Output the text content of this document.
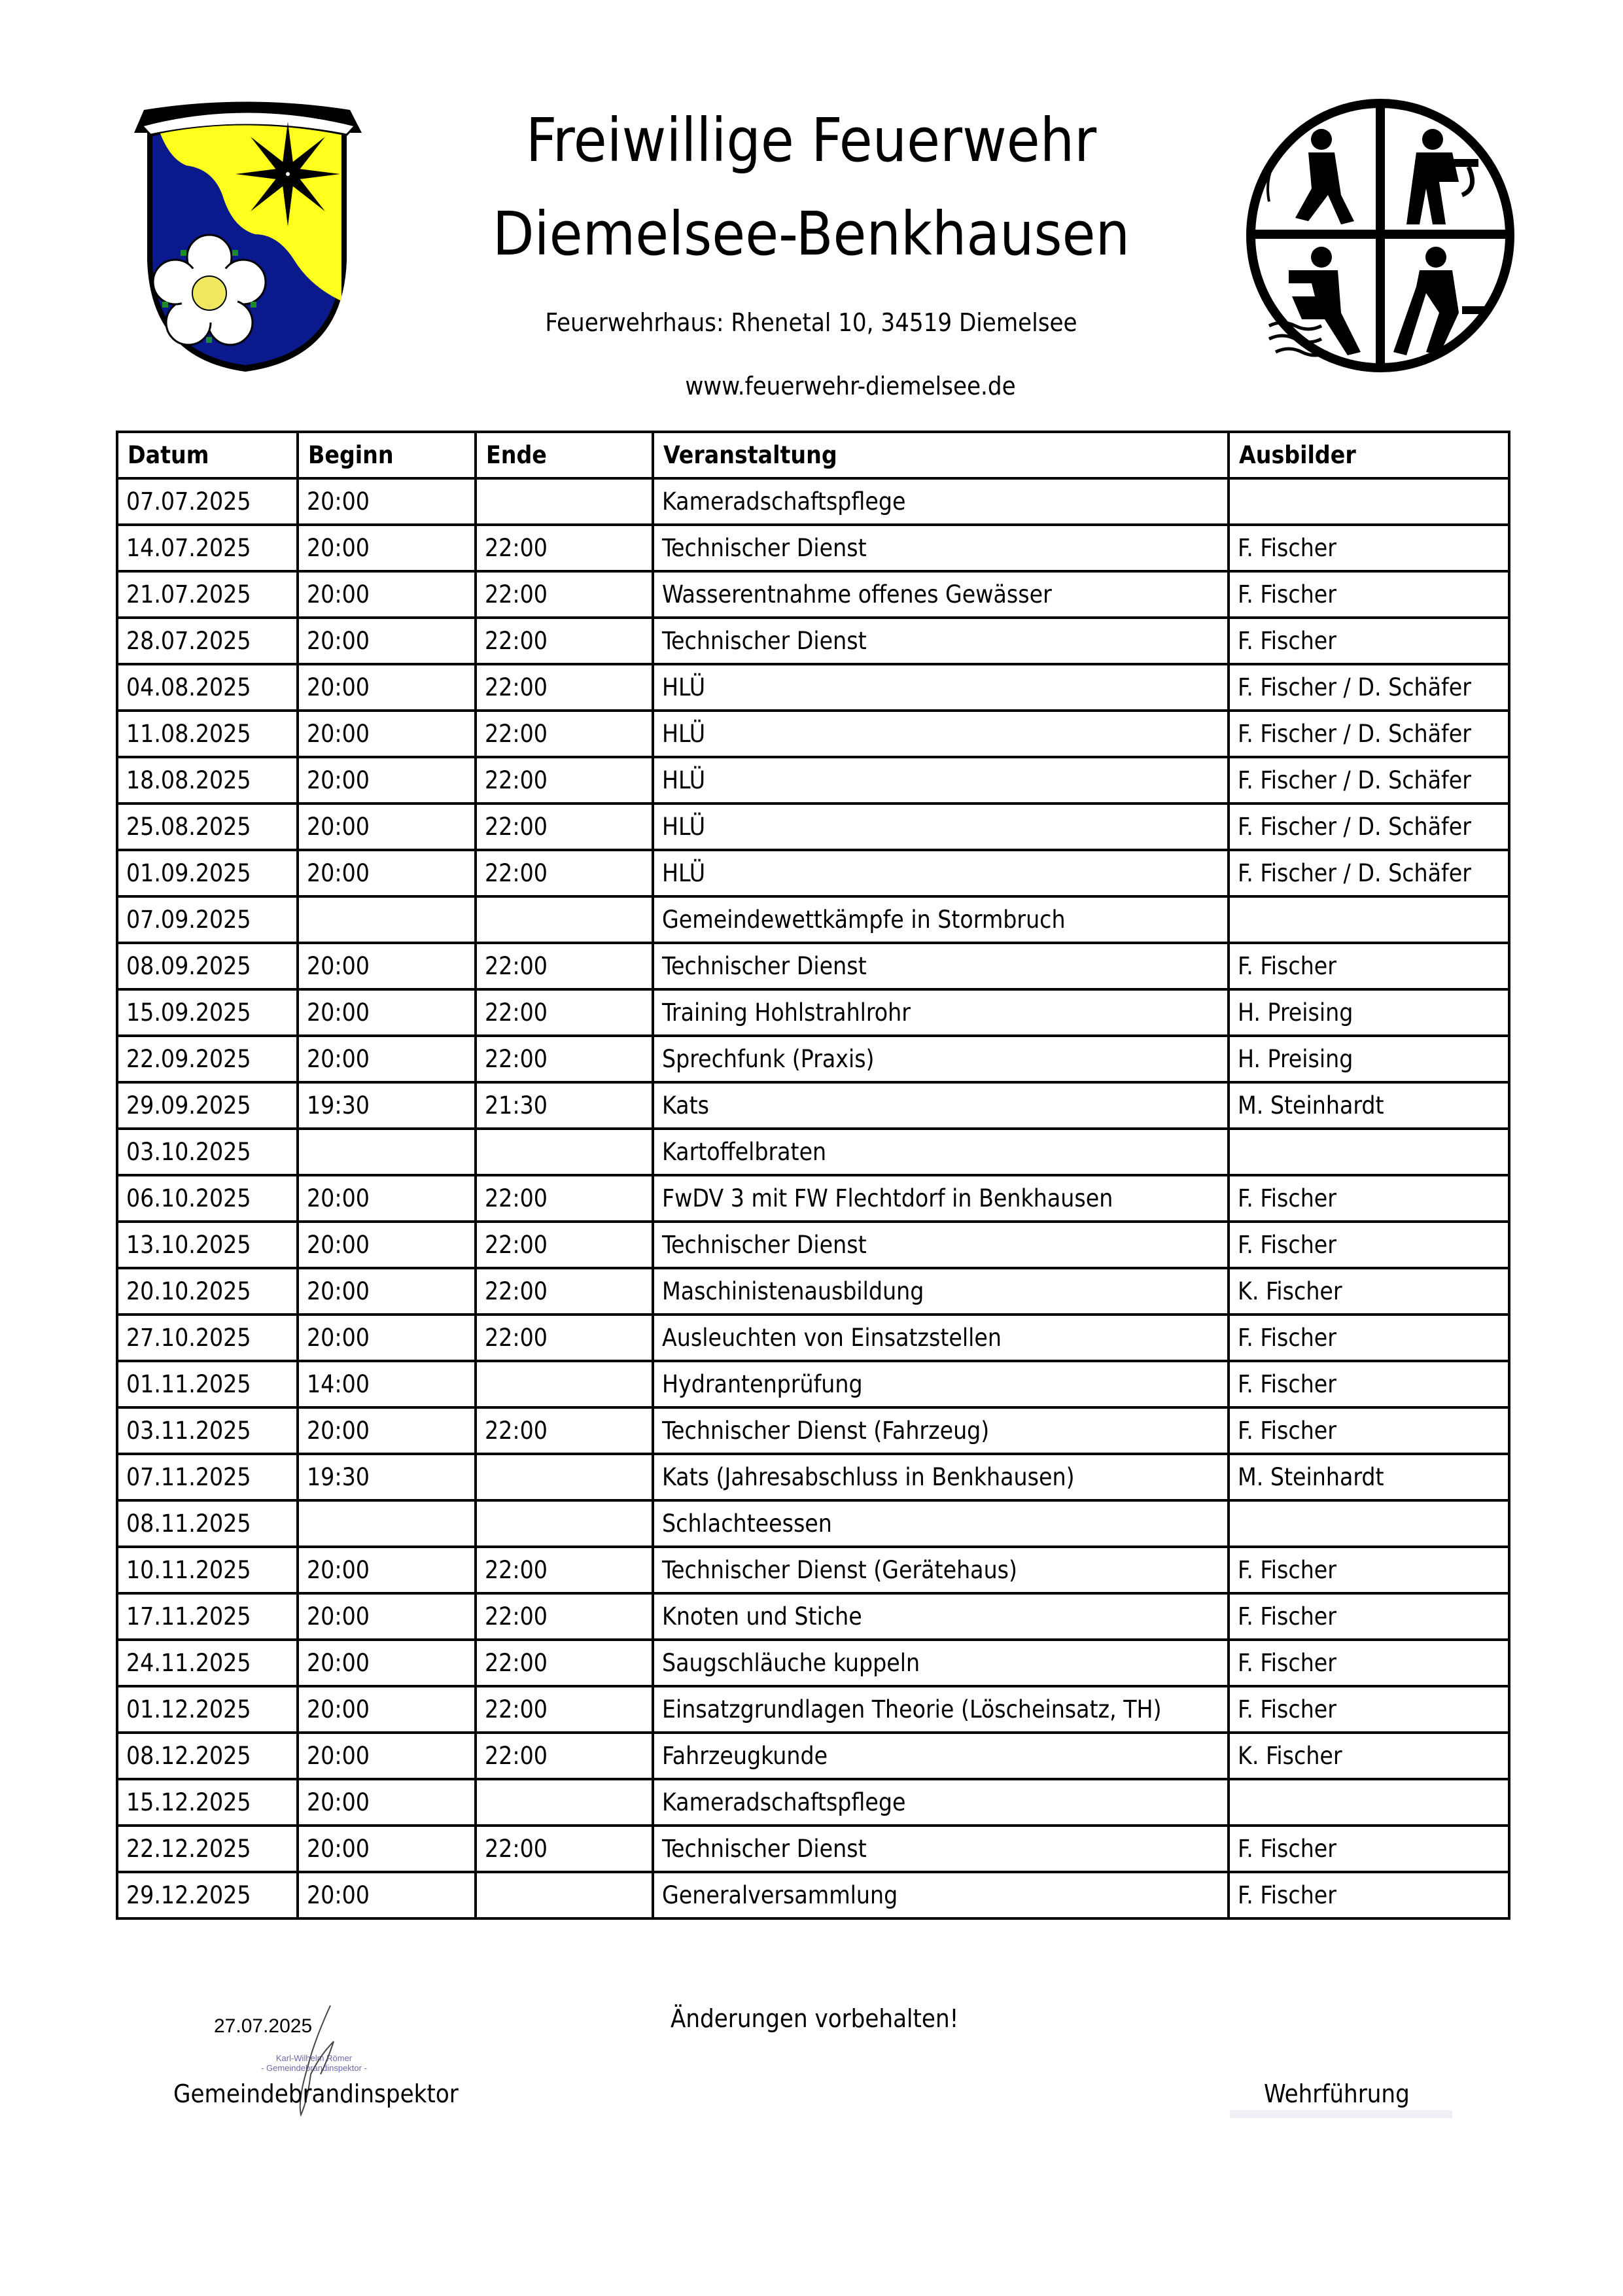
Freiwillige Feuerwehr
Diemelsee-Benkhausen
Feuerwehrhaus: Rhenetal 10, 34519 Diemelsee
www.feuerwehr-diemelsee.de
Datum	Beginn	Ende	Veranstaltung	Ausbilder
07.07.2025	20:00		Kameradschaftspflege	
14.07.2025	20:00	22:00	Technischer Dienst	F. Fischer
21.07.2025	20:00	22:00	Wasserentnahme offenes Gewässer	F. Fischer
28.07.2025	20:00	22:00	Technischer Dienst	F. Fischer
04.08.2025	20:00	22:00	HLÜ	F. Fischer / D. Schäfer
11.08.2025	20:00	22:00	HLÜ	F. Fischer / D. Schäfer
18.08.2025	20:00	22:00	HLÜ	F. Fischer / D. Schäfer
25.08.2025	20:00	22:00	HLÜ	F. Fischer / D. Schäfer
01.09.2025	20:00	22:00	HLÜ	F. Fischer / D. Schäfer
07.09.2025			Gemeindewettkämpfe in Stormbruch	
08.09.2025	20:00	22:00	Technischer Dienst	F. Fischer
15.09.2025	20:00	22:00	Training Hohlstrahlrohr	H. Preising
22.09.2025	20:00	22:00	Sprechfunk (Praxis)	H. Preising
29.09.2025	19:30	21:30	Kats	M. Steinhardt
03.10.2025			Kartoffelbraten	
06.10.2025	20:00	22:00	FwDV 3 mit FW Flechtdorf in Benkhausen	F. Fischer
13.10.2025	20:00	22:00	Technischer Dienst	F. Fischer
20.10.2025	20:00	22:00	Maschinistenausbildung	K. Fischer
27.10.2025	20:00	22:00	Ausleuchten von Einsatzstellen	F. Fischer
01.11.2025	14:00		Hydrantenprüfung	F. Fischer
03.11.2025	20:00	22:00	Technischer Dienst (Fahrzeug)	F. Fischer
07.11.2025	19:30		Kats (Jahresabschluss in Benkhausen)	M. Steinhardt
08.11.2025			Schlachteessen	
10.11.2025	20:00	22:00	Technischer Dienst (Gerätehaus)	F. Fischer
17.11.2025	20:00	22:00	Knoten und Stiche	F. Fischer
24.11.2025	20:00	22:00	Saugschläuche kuppeln	F. Fischer
01.12.2025	20:00	22:00	Einsatzgrundlagen Theorie (Löscheinsatz, TH)	F. Fischer
08.12.2025	20:00	22:00	Fahrzeugkunde	K. Fischer
15.12.2025	20:00		Kameradschaftspflege	
22.12.2025	20:00	22:00	Technischer Dienst	F. Fischer
29.12.2025	20:00		Generalversammlung	F. Fischer
27.07.2025	Änderungen vorbehalten!
Karl-Wilhelm Römer
- Gemeindebrandinspektor -
Gemeindebrandinspektor	Wehrführung
